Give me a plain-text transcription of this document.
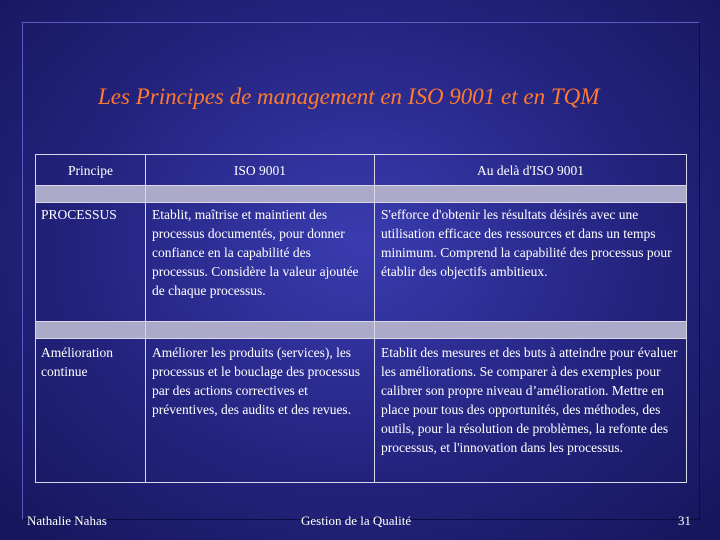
Les Principes de management en ISO 9001 et en TQM
Principe	ISO 9001	Au delà d'ISO 9001

PROCESSUS	Etablit, maîtrise et maintient des processus documentés, pour donner confiance en la capabilité des processus. Considère la valeur ajoutée de chaque processus.	S'efforce d'obtenir les résultats désirés avec une utilisation efficace des ressources et dans un temps minimum. Comprend la capabilité des processus pour établir des objectifs ambitieux.

Amélioration continue	Améliorer les produits (services), les processus et le bouclage des processus par des actions correctives et préventives, des audits et des revues.	Etablit des mesures et des buts à atteindre pour évaluer les améliorations. Se comparer à des exemples pour calibrer son propre niveau d’amélioration. Mettre en place pour tous des opportunités, des méthodes, des outils, pour la résolution de problèmes, la refonte des processus, et l'innovation dans les processus.
Nathalie Nahas	Gestion de la Qualité	31
